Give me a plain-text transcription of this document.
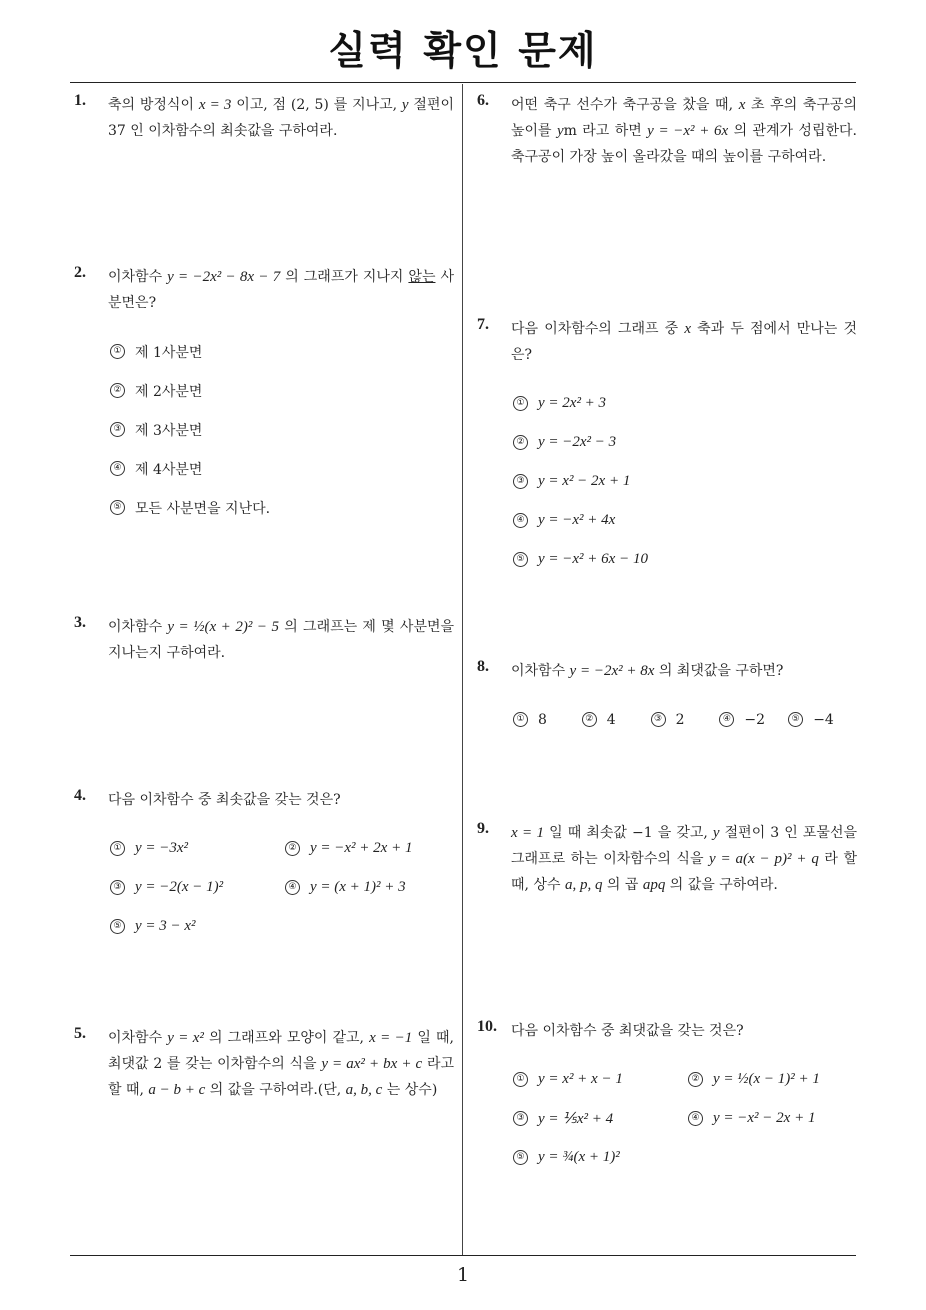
실력 확인 문제
1. 축의 방정식이 x = 3 이고, 점 (2, 5) 를 지나고, y 절편이 37 인 이차함수의 최솟값을 구하여라.
2. 이차함수 y = −2x² − 8x − 7 의 그래프가 지나지 않는 사분면은?
① 제 1사분면
② 제 2사분면
③ 제 3사분면
④ 제 4사분면
⑤ 모든 사분면을 지난다.
3. 이차함수 y = ½(x + 2)² − 5 의 그래프는 제 몇 사분면을 지나는지 구하여라.
4. 다음 이차함수 중 최솟값을 갖는 것은?
① y = −3x²	② y = −x² + 2x + 1
③ y = −2(x − 1)²	④ y = (x + 1)² + 3
⑤ y = 3 − x²
5. 이차함수 y = x² 의 그래프와 모양이 같고, x = −1 일 때, 최댓값 2 를 갖는 이차함수의 식을 y = ax² + bx + c 라고 할 때, a − b + c 의 값을 구하여라.(단, a, b, c 는 상수)
6. 어떤 축구 선수가 축구공을 찼을 때, x 초 후의 축구공의 높이를 ym 라고 하면 y = −x² + 6x 의 관계가 성립한다. 축구공이 가장 높이 올라갔을 때의 높이를 구하여라.
7. 다음 이차함수의 그래프 중 x 축과 두 점에서 만나는 것은?
① y = 2x² + 3
② y = −2x² − 3
③ y = x² − 2x + 1
④ y = −x² + 4x
⑤ y = −x² + 6x − 10
8. 이차함수 y = −2x² + 8x 의 최댓값을 구하면?
① 8	② 4	③ 2	④ −2	⑤ −4
9. x = 1 일 때 최솟값 −1 을 갖고, y 절편이 3 인 포물선을 그래프로 하는 이차함수의 식을 y = a(x − p)² + q 라 할 때, 상수 a, p, q 의 곱 apq 의 값을 구하여라.
10. 다음 이차함수 중 최댓값을 갖는 것은?
① y = x² + x − 1	② y = ½(x − 1)² + 1
③ y = ⅕x² + 4	④ y = −x² − 2x + 1
⑤ y = ¾(x + 1)²
1
